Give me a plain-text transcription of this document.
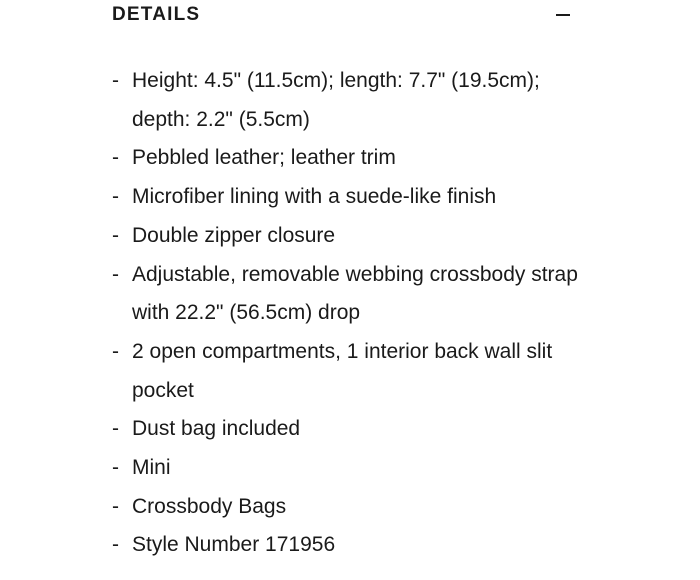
DETAILS
- Height: 4.5" (11.5cm); length: 7.7" (19.5cm); depth: 2.2" (5.5cm)
- Pebbled leather; leather trim
- Microfiber lining with a suede-like finish
- Double zipper closure
- Adjustable, removable webbing crossbody strap with 22.2" (56.5cm) drop
- 2 open compartments, 1 interior back wall slit pocket
- Dust bag included
- Mini
- Crossbody Bags
- Style Number 171956
